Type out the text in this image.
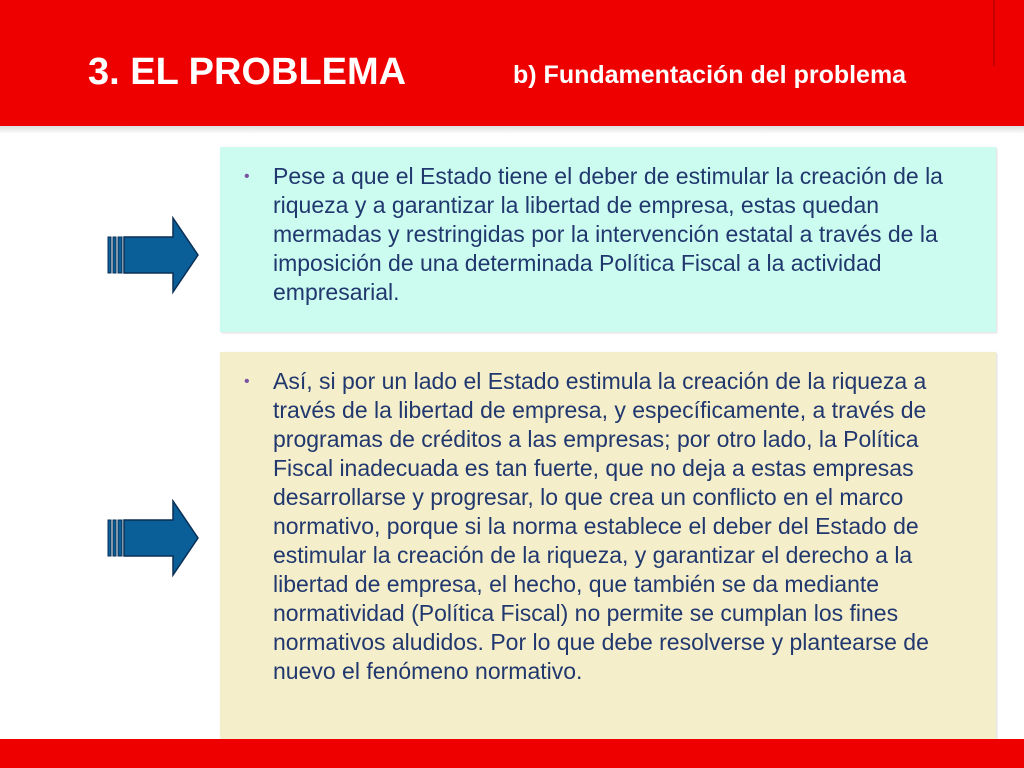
3. EL PROBLEMA	b) Fundamentación del problema
•	Pese a que el Estado tiene el deber de estimular la creación de la riqueza y a garantizar la libertad de empresa, estas quedan mermadas y restringidas por la intervención estatal a través de la imposición de una determinada Política Fiscal a la actividad empresarial.

•	Así, si por un lado el Estado estimula la creación de la riqueza a través de la libertad de empresa, y específicamente, a través de programas de créditos a las empresas; por otro lado, la Política Fiscal inadecuada es tan fuerte, que no deja a estas empresas desarrollarse y progresar, lo que crea un conflicto en el marco normativo, porque si la norma establece el deber del Estado de estimular la creación de la riqueza, y garantizar el derecho a la libertad de empresa, el hecho, que también se da mediante normatividad (Política Fiscal) no permite se cumplan los fines normativos aludidos. Por lo que debe resolverse y plantearse de nuevo el fenómeno normativo.
